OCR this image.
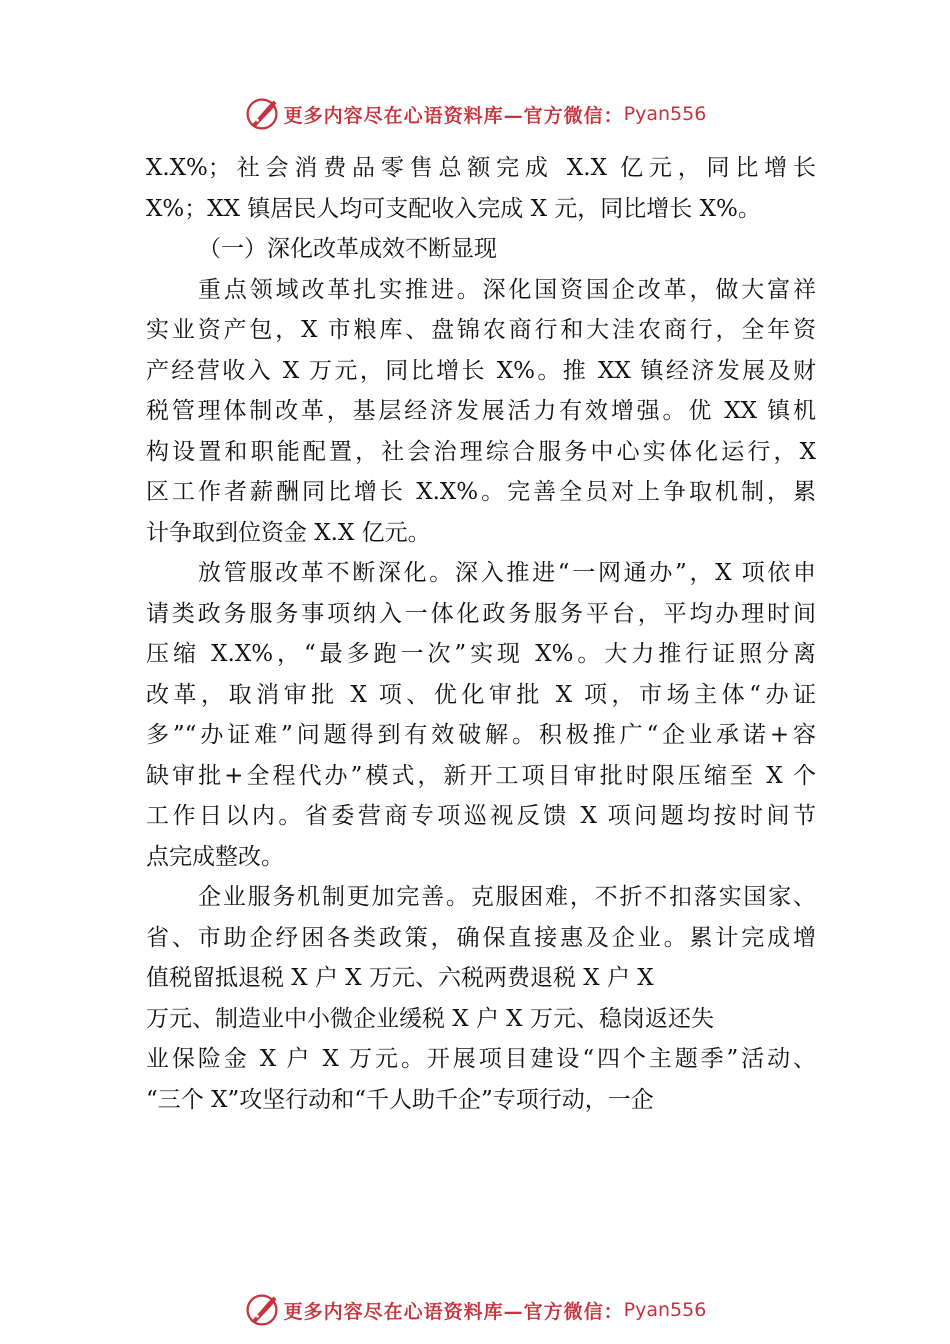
更多内容尽在心语资料库—官方微信： Pyan556
X.X%；社会消费品零售总额完成 X.X 亿元，同比增长
X%；XX 镇居民人均可支配收入完成 X 元，同比增长 X%。
（一）深化改革成效不断显现
重点领域改革扎实推进。深化国资国企改革，做大富祥
实业资产包，X 市粮库、盘锦农商行和大洼农商行，全年资
产经营收入 X 万元，同比增长 X%。推 XX 镇经济发展及财
税管理体制改革，基层经济发展活力有效增强。优 XX 镇机
构设置和职能配置，社会治理综合服务中心实体化运行，X
区工作者薪酬同比增长 X.X%。完善全员对上争取机制，累
计争取到位资金 X.X 亿元。
放管服改革不断深化。深入推进“一网通办”，X 项依申
请类政务服务事项纳入一体化政务服务平台，平均办理时间
压缩 X.X%，“最多跑一次”实现 X%。大力推行证照分离
改革，取消审批 X 项、优化审批 X 项，市场主体“办证
多”“办证难”问题得到有效破解。积极推广“企业承诺+容
缺审批+全程代办”模式，新开工项目审批时限压缩至 X 个
工作日以内。省委营商专项巡视反馈 X 项问题均按时间节
点完成整改。
企业服务机制更加完善。克服困难，不折不扣落实国家、
省、市助企纾困各类政策，确保直接惠及企业。累计完成增
值税留抵退税 X 户 X 万元、六税两费退税 X 户 X
万元、制造业中小微企业缓税 X 户 X 万元、稳岗返还失
业保险金 X 户 X 万元。开展项目建设“四个主题季”活动、
“三个 X”攻坚行动和“千人助千企”专项行动，一企
更多内容尽在心语资料库—官方微信： Pyan556
